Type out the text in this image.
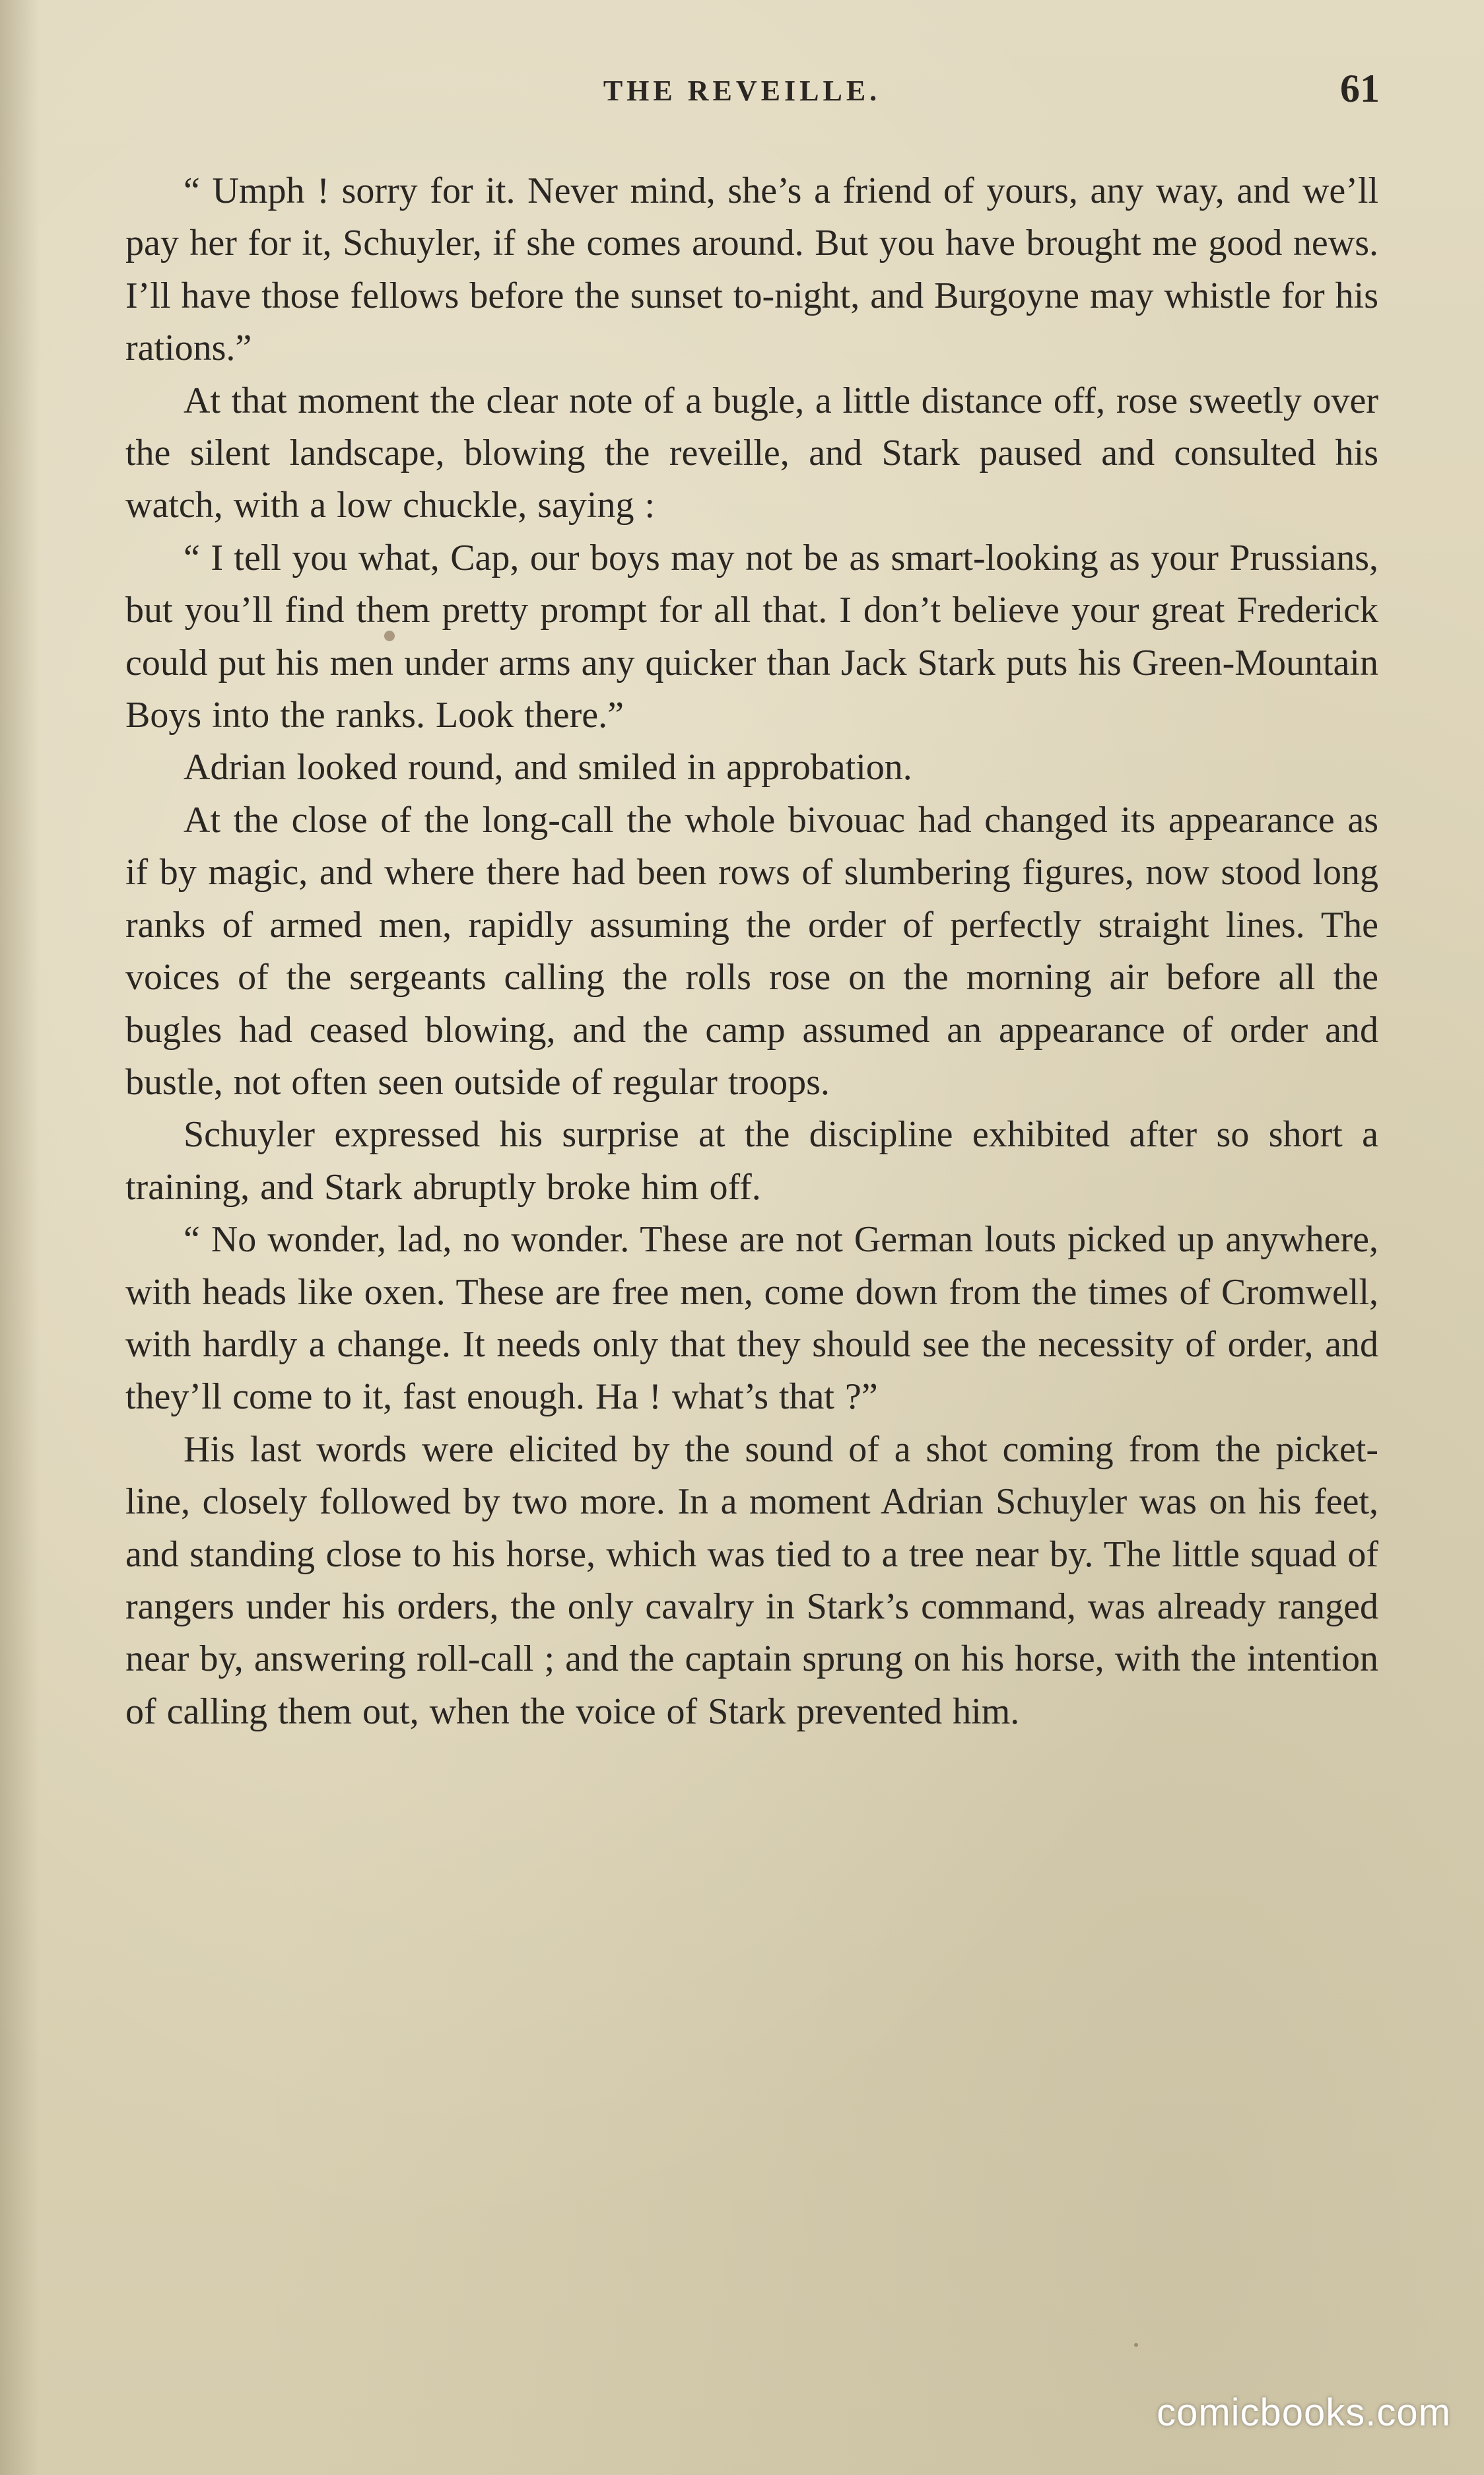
THE REVEILLE.	61

“ Umph ! sorry for it. Never mind, she’s a friend of yours, any way, and we’ll pay her for it, Schuyler, if she comes around. But you have brought me good news. I’ll have those fellows before the sunset to-night, and Burgoyne may whistle for his rations.”

At that moment the clear note of a bugle, a little distance off, rose sweetly over the silent landscape, blowing the reveille, and Stark paused and consulted his watch, with a low chuckle, saying :

“ I tell you what, Cap, our boys may not be as smart-looking as your Prussians, but you’ll find them pretty prompt for all that. I don’t believe your great Frederick could put his men under arms any quicker than Jack Stark puts his Green-Mountain Boys into the ranks. Look there.”

Adrian looked round, and smiled in approbation.

At the close of the long-call the whole bivouac had changed its appearance as if by magic, and where there had been rows of slumbering figures, now stood long ranks of armed men, rapidly assuming the order of perfectly straight lines. The voices of the sergeants calling the rolls rose on the morning air before all the bugles had ceased blowing, and the camp assumed an appearance of order and bustle, not often seen outside of regular troops.

Schuyler expressed his surprise at the discipline exhibited after so short a training, and Stark abruptly broke him off.

“ No wonder, lad, no wonder. These are not German louts picked up anywhere, with heads like oxen. These are free men, come down from the times of Cromwell, with hardly a change. It needs only that they should see the necessity of order, and they’ll come to it, fast enough. Ha ! what’s that ?”

His last words were elicited by the sound of a shot coming from the picket-line, closely followed by two more. In a moment Adrian Schuyler was on his feet, and standing close to his horse, which was tied to a tree near by. The little squad of rangers under his orders, the only cavalry in Stark’s command, was already ranged near by, answering roll-call ; and the captain sprung on his horse, with the intention of calling them out, when the voice of Stark prevented him.

comicbooks.com
